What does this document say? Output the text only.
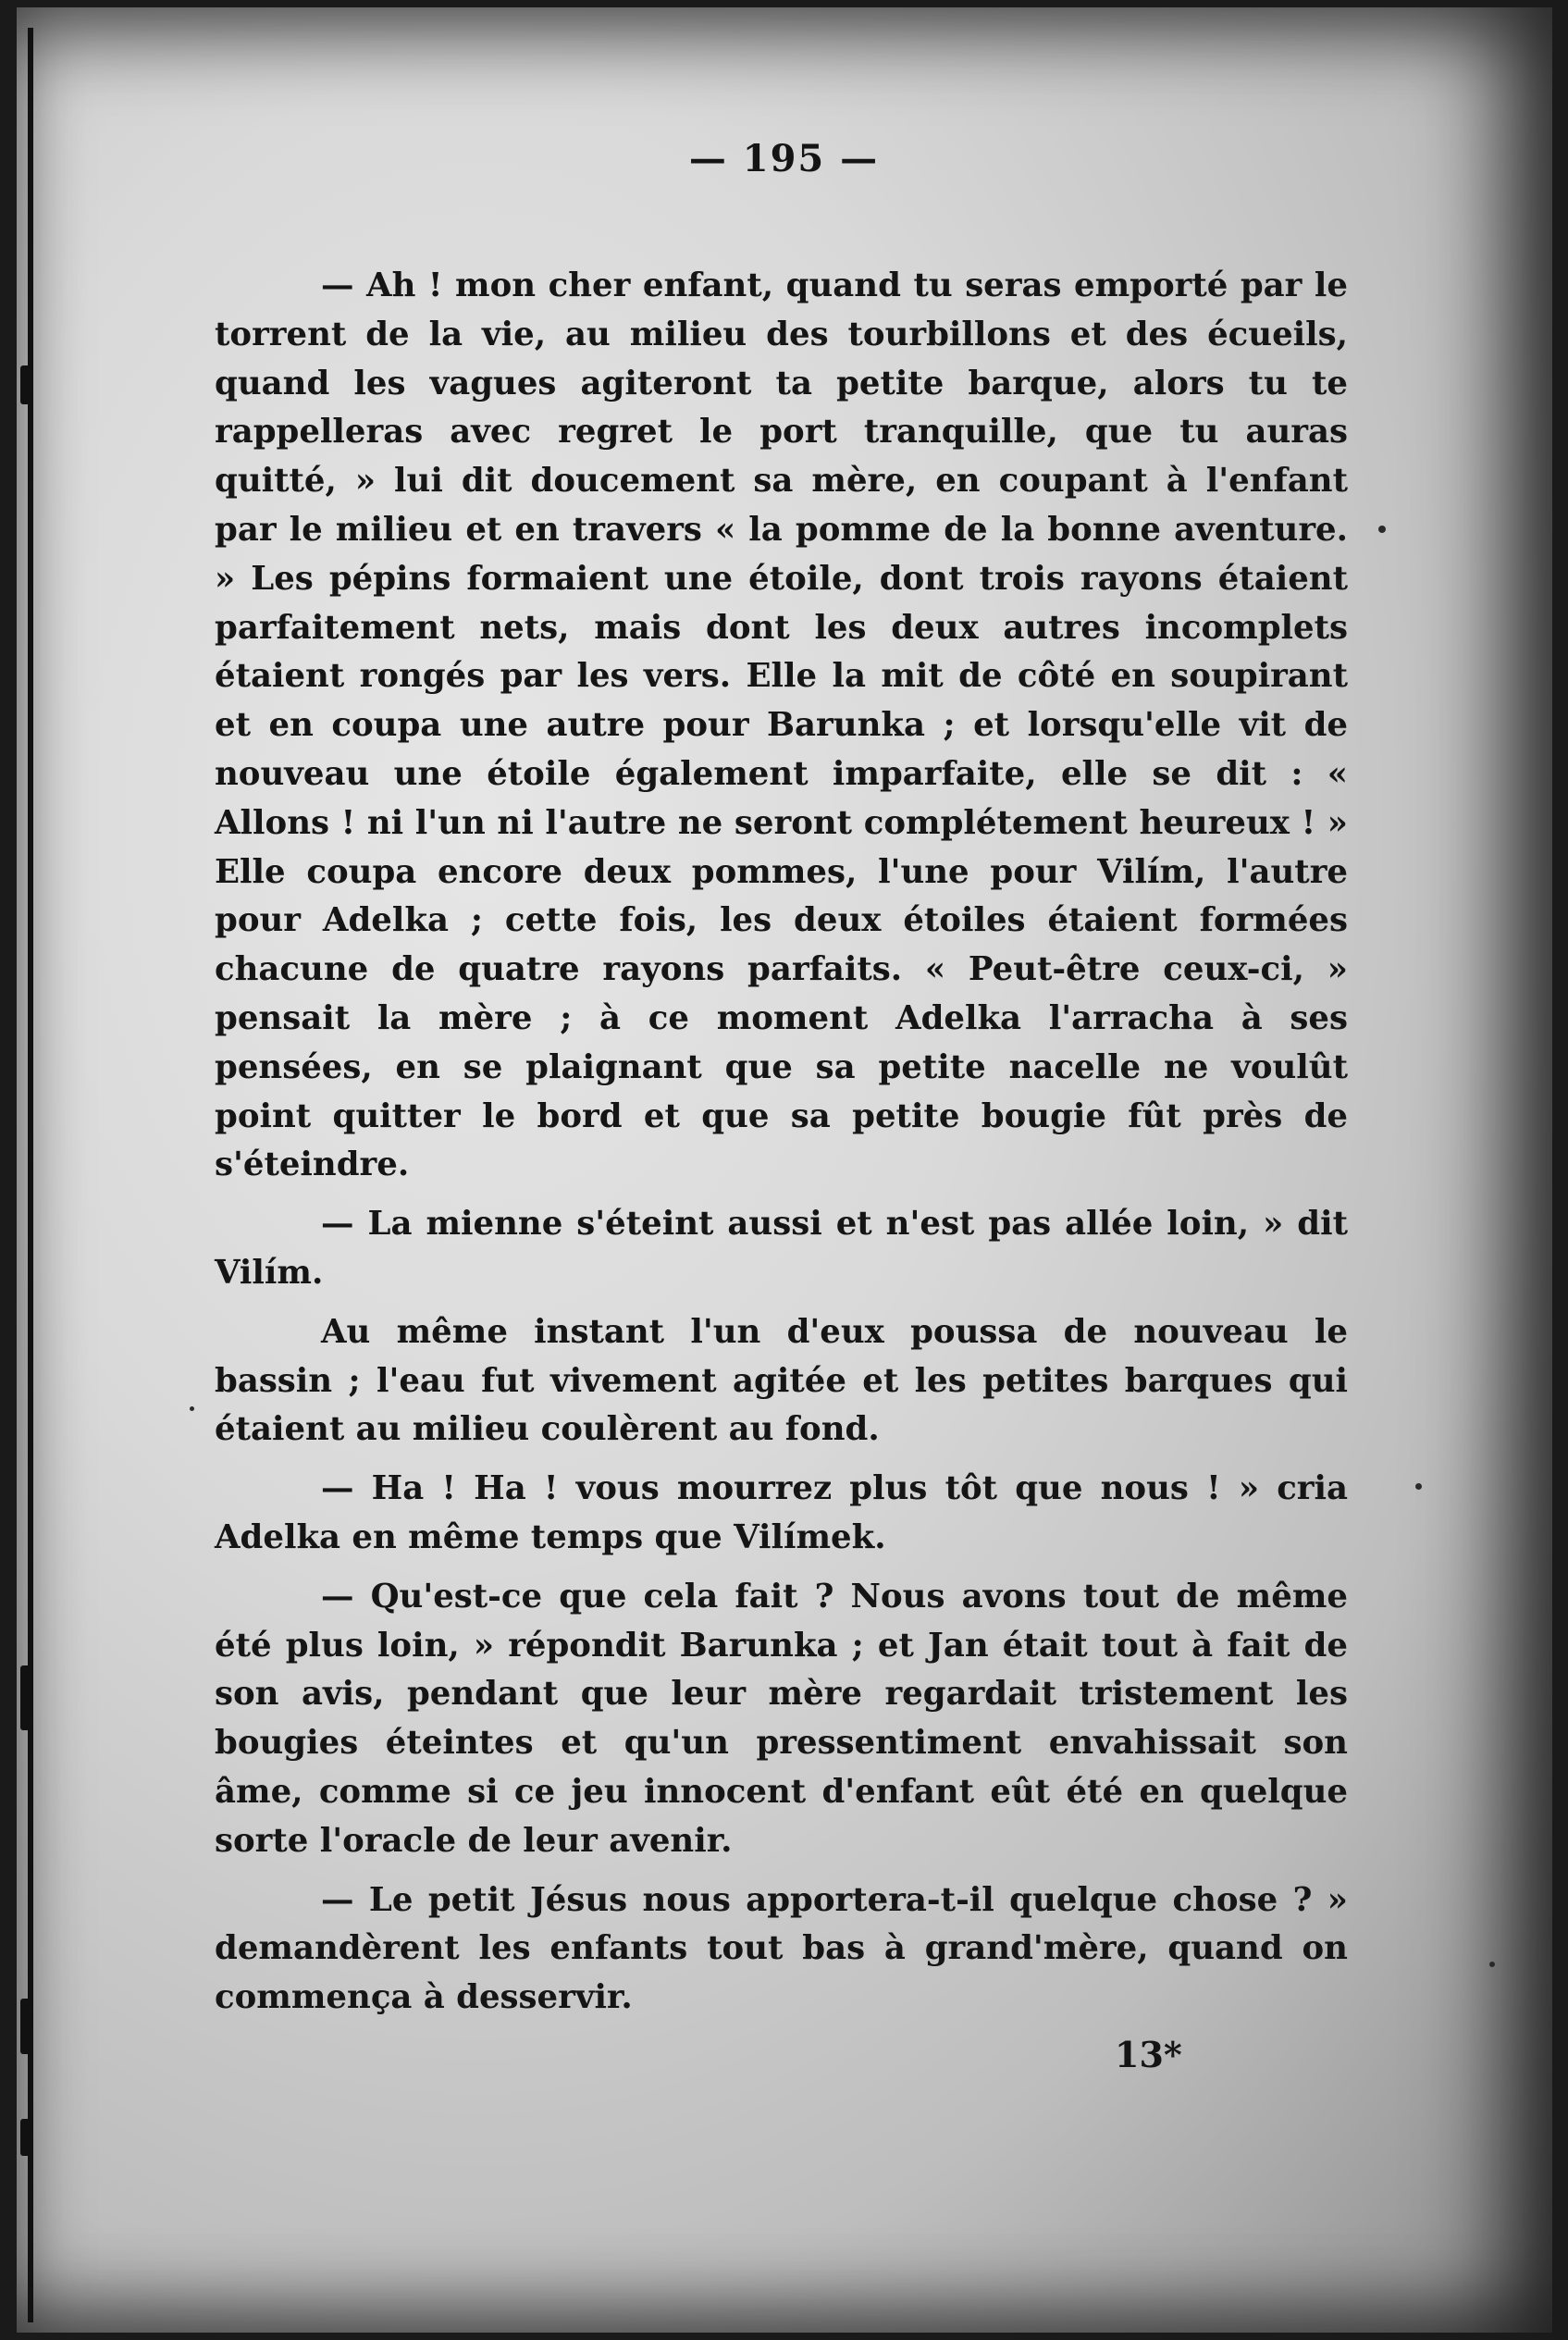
— 195 —

— Ah ! mon cher enfant, quand tu seras emporté par le torrent de la vie, au milieu des tourbillons et des écueils, quand les vagues agiteront ta petite barque, alors tu te rappelleras avec regret le port tranquille, que tu auras quitté, » lui dit doucement sa mère, en coupant à l'enfant par le milieu et en travers « la pomme de la bonne aventure. » Les pépins formaient une étoile, dont trois rayons étaient parfaitement nets, mais dont les deux autres incomplets étaient rongés par les vers. Elle la mit de côté en soupirant et en coupa une autre pour Barunka ; et lorsqu'elle vit de nouveau une étoile également imparfaite, elle se dit : « Allons ! ni l'un ni l'autre ne seront complétement heureux ! » Elle coupa encore deux pommes, l'une pour Vilím, l'autre pour Adelka ; cette fois, les deux étoiles étaient formées chacune de quatre rayons parfaits. « Peut-être ceux-ci, » pensait la mère ; à ce moment Adelka l'arracha à ses pensées, en se plaignant que sa petite nacelle ne voulût point quitter le bord et que sa petite bougie fût près de s'éteindre.

— La mienne s'éteint aussi et n'est pas allée loin, » dit Vilím.

Au même instant l'un d'eux poussa de nouveau le bassin ; l'eau fut vivement agitée et les petites barques qui étaient au milieu coulèrent au fond.

— Ha ! Ha ! vous mourrez plus tôt que nous ! » cria Adelka en même temps que Vilímek.

— Qu'est-ce que cela fait ? Nous avons tout de même été plus loin, » répondit Barunka ; et Jan était tout à fait de son avis, pendant que leur mère regardait tristement les bougies éteintes et qu'un pressentiment envahissait son âme, comme si ce jeu innocent d'enfant eût été en quelque sorte l'oracle de leur avenir.

— Le petit Jésus nous apportera-t-il quelque chose ? » demandèrent les enfants tout bas à grand'mère, quand on commença à desservir.

13*
